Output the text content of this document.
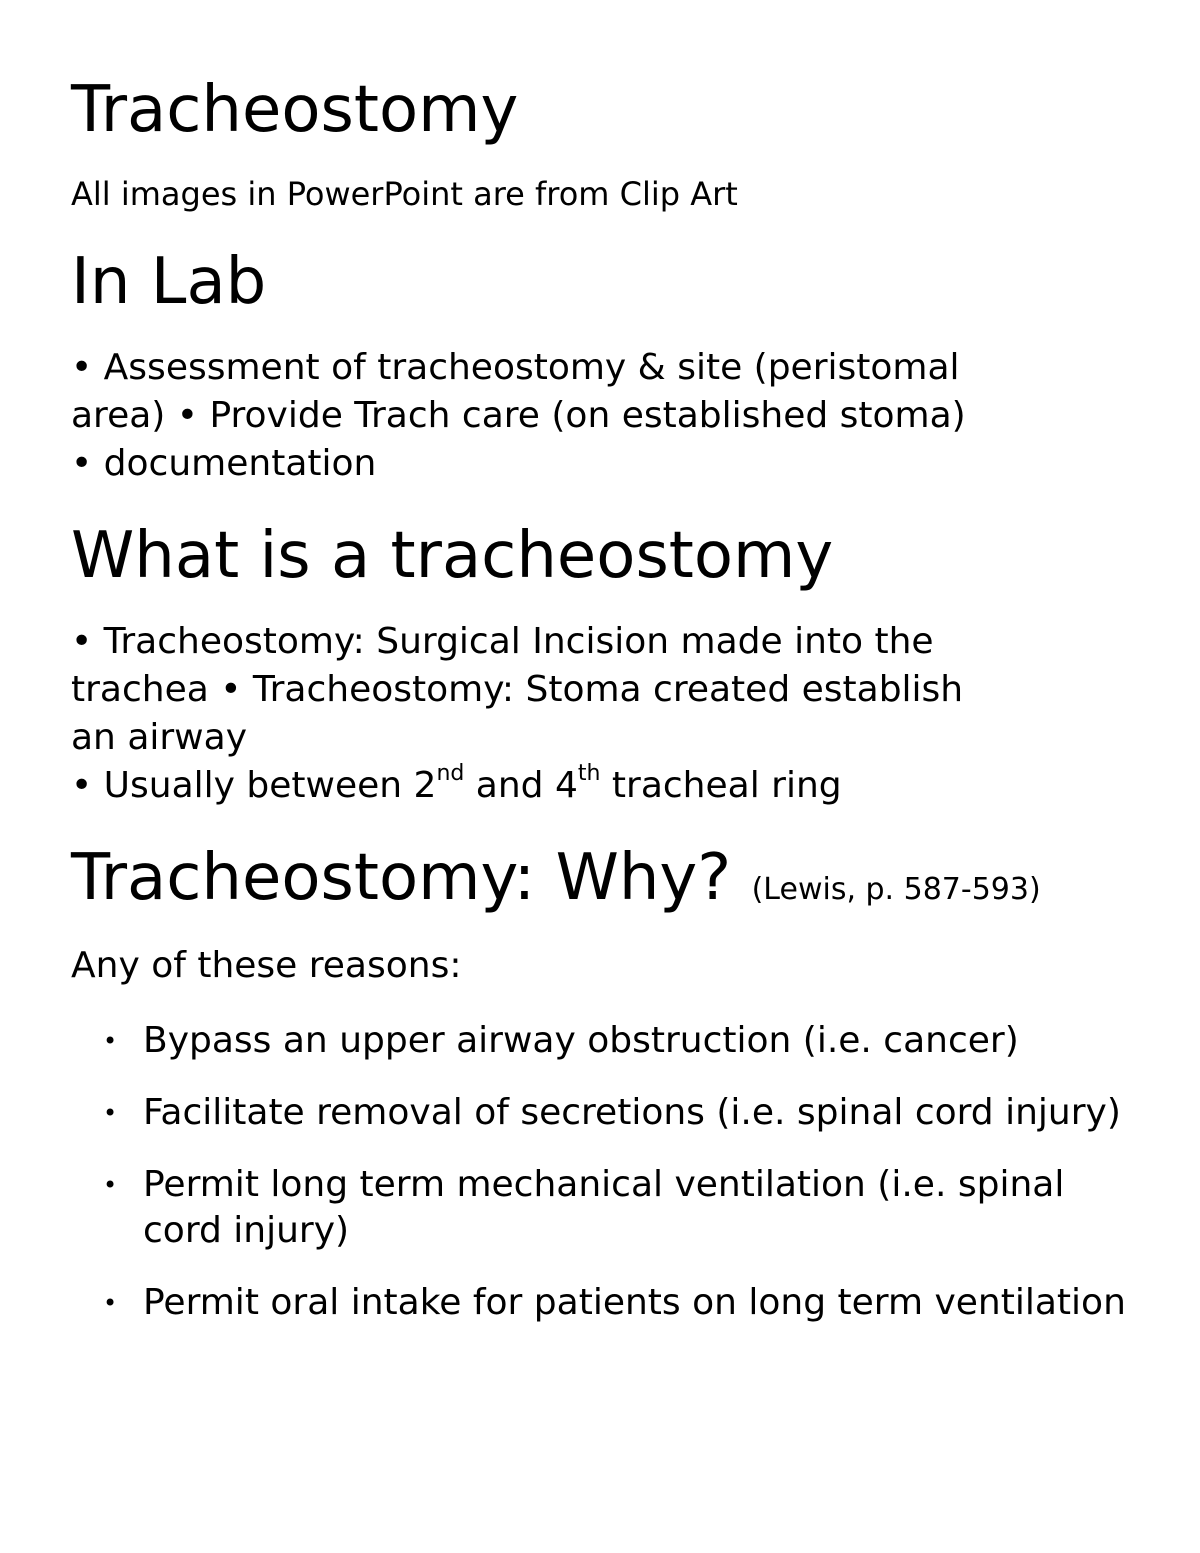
Tracheostomy

All images in PowerPoint are from Clip Art

In Lab

• Assessment of tracheostomy & site (peristomal
area) • Provide Trach care (on established stoma)
• documentation

What is a tracheostomy

• Tracheostomy: Surgical Incision made into the
trachea • Tracheostomy: Stoma created establish
an airway
• Usually between 2nd and 4th tracheal ring

Tracheostomy: Why? (Lewis, p. 587-593)

Any of these reasons:

• Bypass an upper airway obstruction (i.e. cancer)
• Facilitate removal of secretions (i.e. spinal cord injury)
• Permit long term mechanical ventilation (i.e. spinal cord injury)
• Permit oral intake for patients on long term ventilation
